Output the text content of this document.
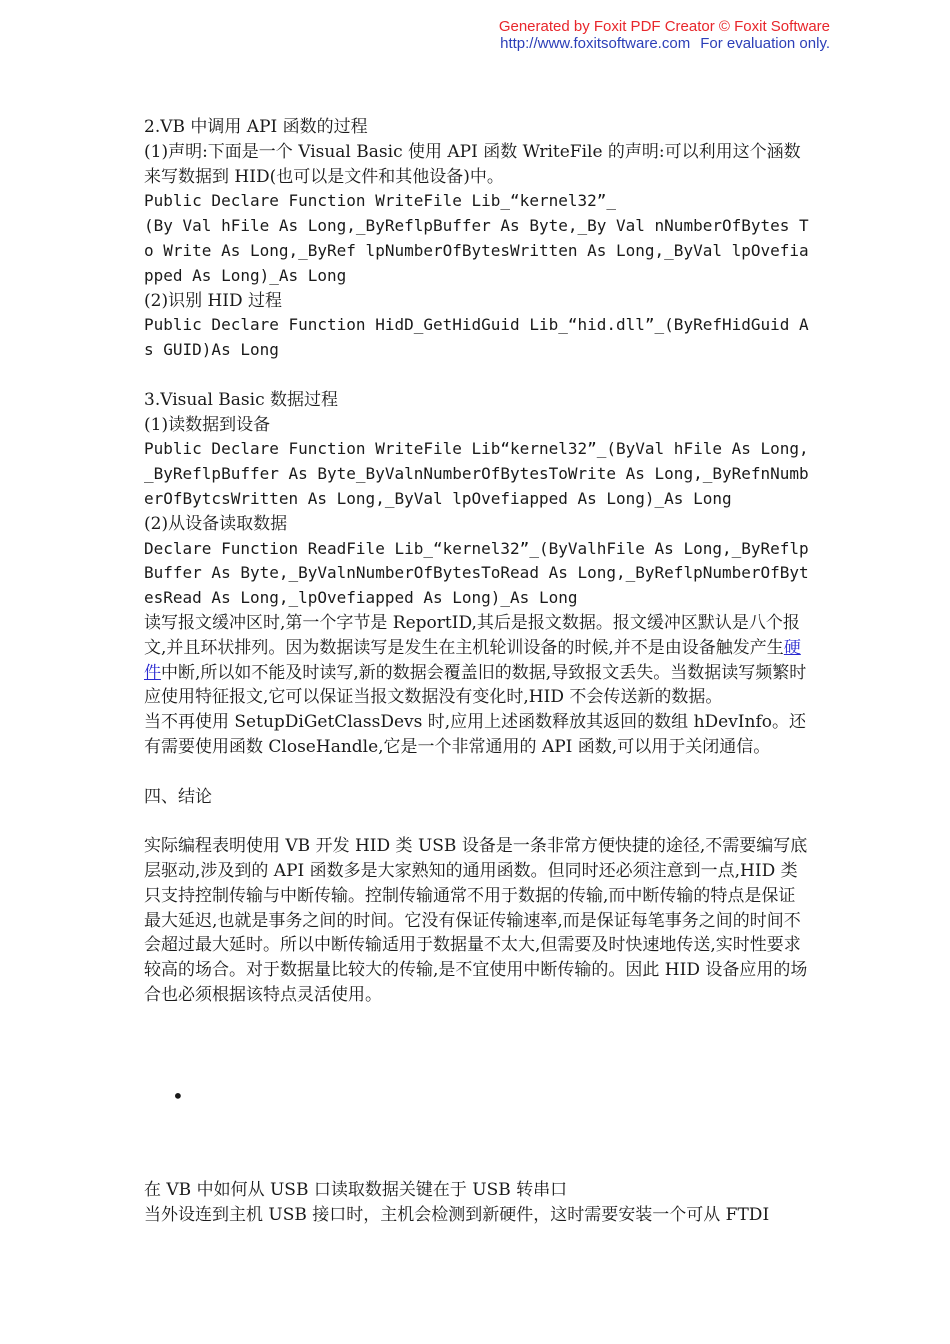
Generated by Foxit PDF Creator © Foxit Software
http://www.foxitsoftware.com For evaluation only.

2.VB 中调用 API 函数的过程

(1)声明:下面是一个 Visual Basic 使用 API 函数 WriteFile 的声明:可以利用这个涵数来写数据到 HID(也可以是文件和其他设备)中。

Public Declare Function WriteFile Lib_“kernel32”_

(By Val hFile As Long,_ByReflpBuffer As Byte,_By Val nNumberOfBytes To Write As Long,_ByRef lpNumberOfBytesWritten As Long,_ByVal lpOvefiapped As Long)_As Long

(2)识别 HID 过程

Public Declare Function HidD_GetHidGuid Lib_“hid.dll”_(ByRefHidGuid As GUID)As Long

3.Visual Basic 数据过程

(1)读数据到设备

Public Declare Function WriteFile Lib“kernel32”_(ByVal hFile As Long,_ByReflpBuffer As Byte_ByValnNumberOfBytesToWrite As Long,_ByRefnNumberOfBytcsWritten As Long,_ByVal lpOvefiapped As Long)_As Long

(2)从设备读取数据

Declare Function ReadFile Lib_“kernel32”_(ByValhFile As Long,_ByReflpBuffer As Byte,_ByValnNumberOfBytesToRead As Long,_ByReflpNumberOfBytesRead As Long,_lpOvefiapped As Long)_As Long

读写报文缓冲区时,第一个字节是 ReportID,其后是报文数据。报文缓冲区默认是八个报文,并且环状排列。因为数据读写是发生在主机轮训设备的时候,并不是由设备触发产生硬件中断,所以如不能及时读写,新的数据会覆盖旧的数据,导致报文丢失。当数据读写频繁时应使用特征报文,它可以保证当报文数据没有变化时,HID 不会传送新的数据。

当不再使用 SetupDiGetClassDevs 时,应用上述函数释放其返回的数组 hDevInfo。还有需要使用函数 CloseHandle,它是一个非常通用的 API 函数,可以用于关闭通信。

四、结论

实际编程表明使用 VB 开发 HID 类 USB 设备是一条非常方便快捷的途径,不需要编写底层驱动,涉及到的 API 函数多是大家熟知的通用函数。但同时还必须注意到一点,HID 类只支持控制传输与中断传输。控制传输通常不用于数据的传输,而中断传输的特点是保证最大延迟,也就是事务之间的时间。它没有保证传输速率,而是保证每笔事务之间的时间不会超过最大延时。所以中断传输适用于数据量不太大,但需要及时快速地传送,实时性要求较高的场合。对于数据量比较大的传输,是不宜使用中断传输的。因此 HID 设备应用的场合也必须根据该特点灵活使用。

•

在 VB 中如何从 USB 口读取数据关键在于 USB 转串口

当外设连到主机 USB 接口时，主机会检测到新硬件，这时需要安装一个可从 FTDI
